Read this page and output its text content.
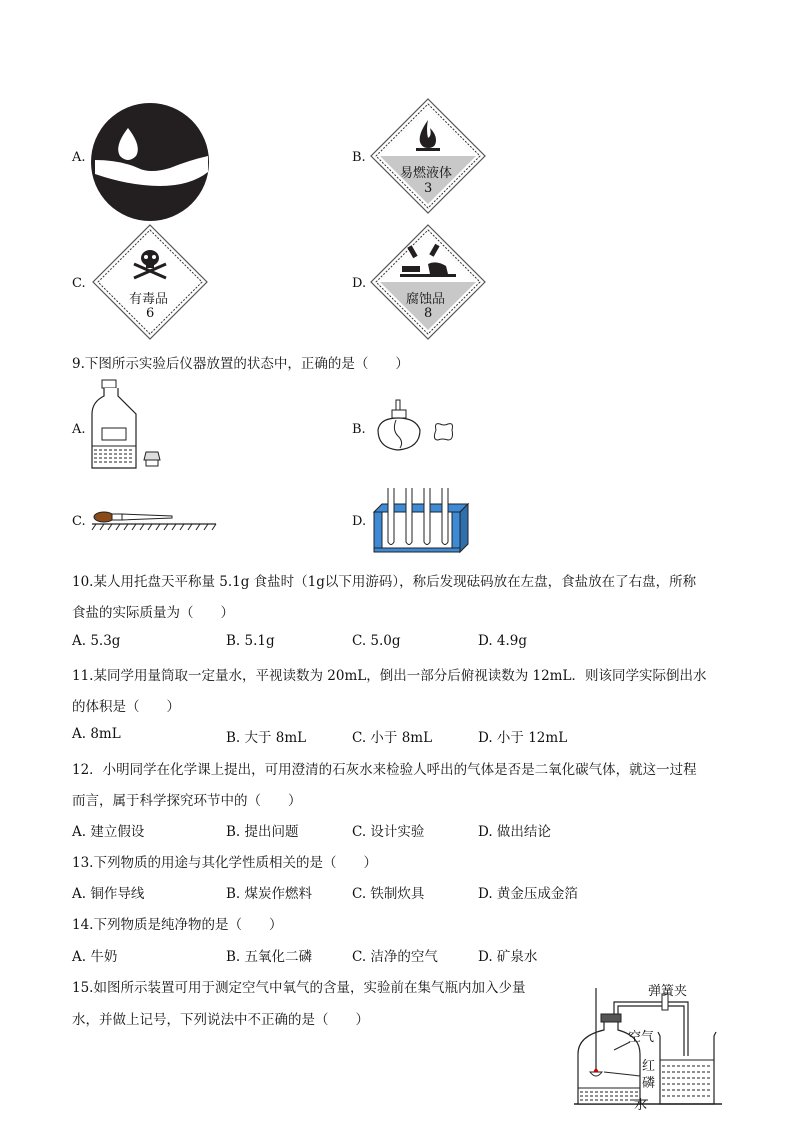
A.	B.
易燃液体
3
C.
有毒品
6
D.
腐蚀品
8
9.下图所示实验后仪器放置的状态中，正确的是（　　）
A.	B.
C.	D.
10.某人用托盘天平称量 5.1g 食盐时（1g以下用游码），称后发现砝码放在左盘，食盐放在了右盘，所称
食盐的实际质量为（　　）
A. 5.3g	B. 5.1g	C. 5.0g	D. 4.9g
11.某同学用量筒取一定量水，平视读数为 20mL，倒出一部分后俯视读数为 12mL．则该同学实际倒出水
的体积是（　　）
A. 8mL	B. 大于 8mL	C. 小于 8mL	D. 小于 12mL
12．小明同学在化学课上提出，可用澄清的石灰水来检验人呼出的气体是否是二氧化碳气体，就这一过程
而言，属于科学探究环节中的（　　）
A. 建立假设	B. 提出问题	C. 设计实验	D. 做出结论
13.下列物质的用途与其化学性质相关的是（　　）
A. 铜作导线	B. 煤炭作燃料	C. 铁制炊具	D. 黄金压成金箔
14.下列物质是纯净物的是（　　）
A. 牛奶	B. 五氧化二磷	C. 洁净的空气	D. 矿泉水
15.如图所示装置可用于测定空气中氧气的含量，实验前在集气瓶内加入少量
水，并做上记号，下列说法中不正确的是（　　）
弹簧夹
空气
红磷
水
